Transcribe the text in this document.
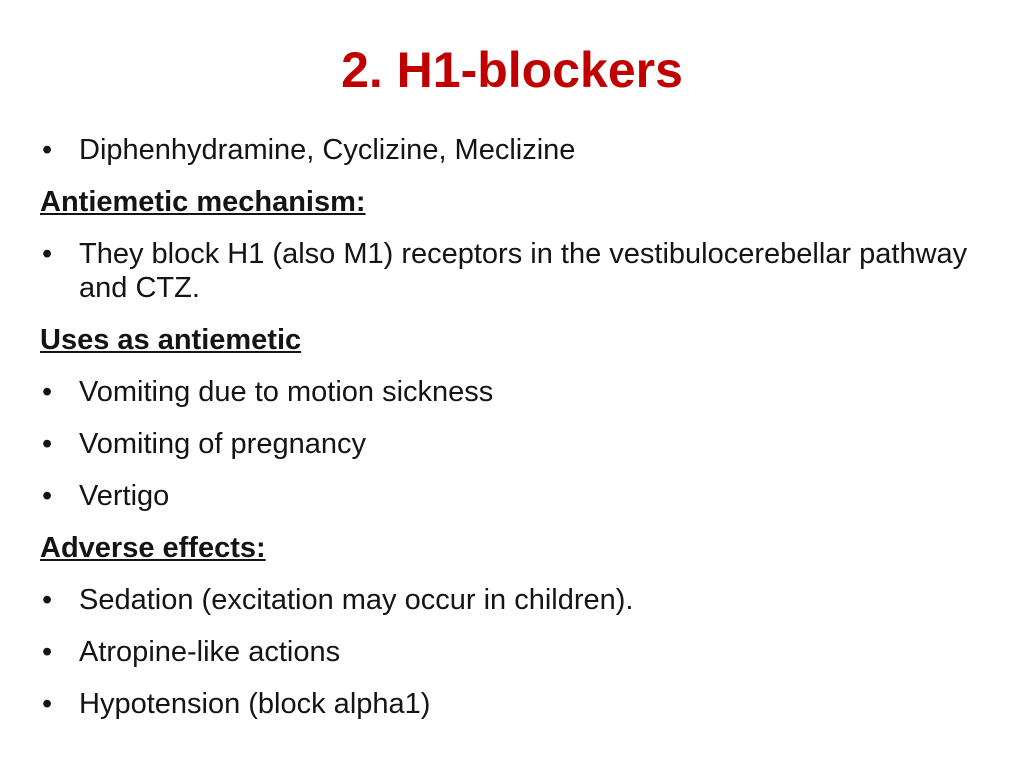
2. H1-blockers
• Diphenhydramine, Cyclizine, Meclizine
Antiemetic mechanism:
• They block H1 (also M1) receptors in the vestibulocerebellar pathway and CTZ.
Uses as antiemetic
• Vomiting due to motion sickness
• Vomiting of pregnancy
• Vertigo
Adverse effects:
• Sedation (excitation may occur in children).
• Atropine-like actions
• Hypotension (block alpha1)
